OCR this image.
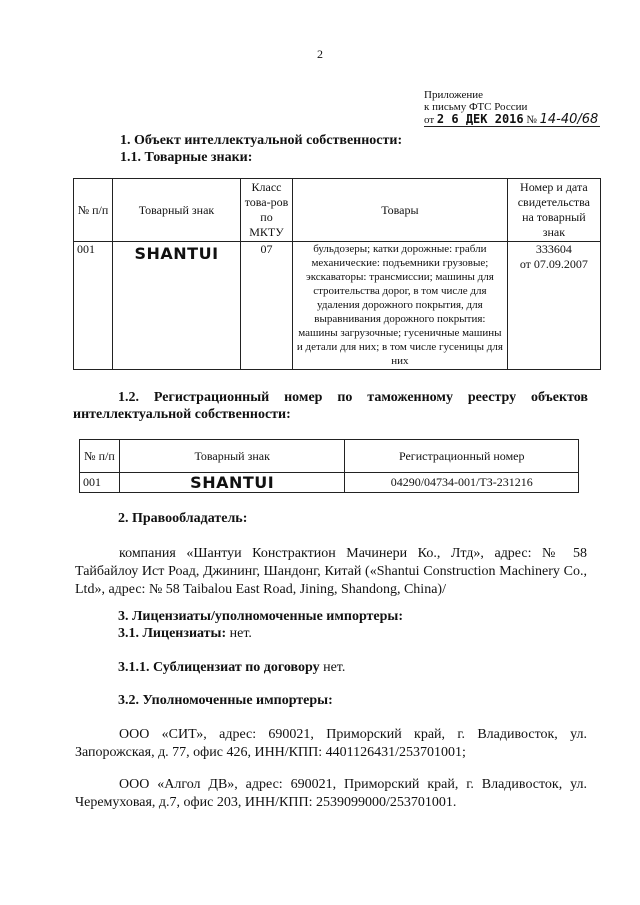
2
Приложение
к письму ФТС России
от 2 6 ДЕК 2016 № 14-40/68
1. Объект интеллектуальной собственности:
1.1. Товарные знаки:
№ п/п	Товарный знак	Класс това-ров по МКТУ	Товары	Номер и дата свидетельства на товарный знак
001	SHANTUI	07	бульдозеры; катки дорожные: грабли механические: подъемники грузовые; экскаваторы: трансмиссии; машины для строительства дорог, в том числе для удаления дорожного покрытия, для выравнивания дорожного покрытия: машины загрузочные; гусеничные машины и детали для них; в том числе гусеницы для них	333604
от 07.09.2007
1.2. Регистрационный номер по таможенному реестру объектов
интеллектуальной собственности:
№ п/п	Товарный знак	Регистрационный номер
001	SHANTUI	04290/04734-001/ТЗ-231216
2. Правообладатель:
компания «Шантуи Констрактион Мачинери Ко., Лтд», адрес: № 58 Тайбайлоу Ист Роад, Джининг, Шандонг, Китай («Shantui Construction Machinery Co., Ltd», адрес: № 58 Taibalou East Road, Jining, Shandong, China)/
3. Лицензиаты/уполномоченные импортеры:
3.1. Лицензиаты: нет.
3.1.1. Сублицензиат по договору нет.
3.2. Уполномоченные импортеры:
ООО «СИТ», адрес: 690021, Приморский край, г. Владивосток, ул. Запорожская, д. 77, офис 426, ИНН/КПП: 4401126431/253701001;
ООО «Алгол ДВ», адрес: 690021, Приморский край, г. Владивосток, ул. Черемуховая, д.7, офис 203, ИНН/КПП: 2539099000/253701001.
